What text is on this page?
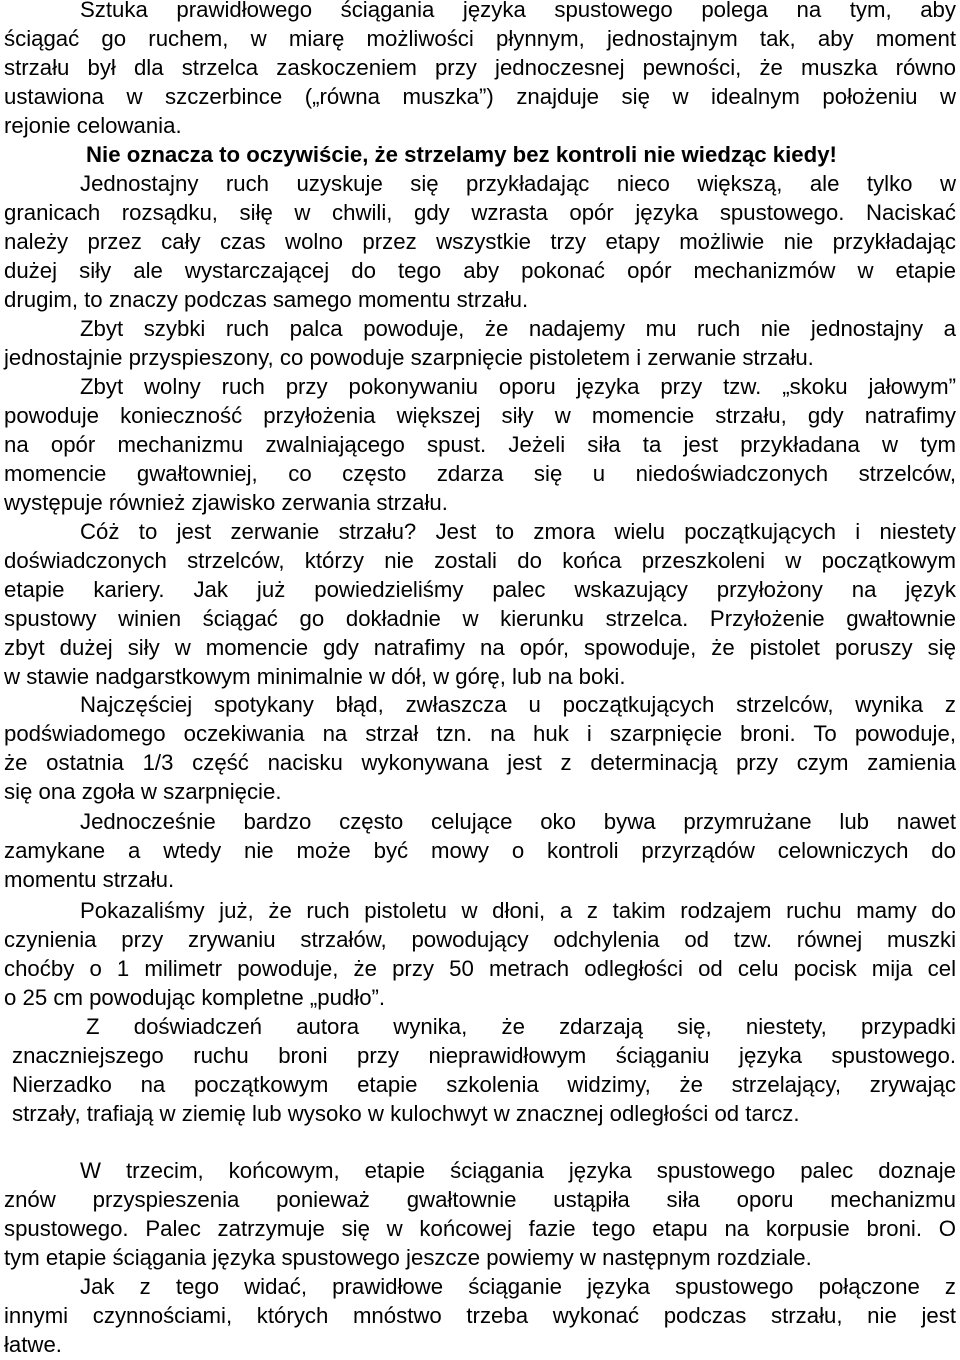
Sztuka prawidłowego ściągania języka spustowego polega na tym, aby
ściągać go ruchem, w miarę możliwości płynnym, jednostajnym tak, aby moment
strzału był dla strzelca zaskoczeniem przy jednoczesnej pewności, że muszka równo
ustawiona w szczerbince („równa muszka”) znajduje się w idealnym położeniu w
rejonie celowania.
Nie oznacza to oczywiście, że strzelamy bez kontroli nie wiedząc kiedy!
Jednostajny ruch uzyskuje się przykładając nieco większą, ale tylko w
granicach rozsądku, siłę w chwili, gdy wzrasta opór języka spustowego. Naciskać
należy przez cały czas wolno przez wszystkie trzy etapy możliwie nie przykładając
dużej siły ale wystarczającej do tego aby pokonać opór mechanizmów w etapie
drugim, to znaczy podczas samego momentu strzału.
Zbyt szybki ruch palca powoduje, że nadajemy mu ruch nie jednostajny a
jednostajnie przyspieszony, co powoduje szarpnięcie pistoletem i zerwanie strzału.
Zbyt wolny ruch przy pokonywaniu oporu języka przy tzw. „skoku jałowym”
powoduje konieczność przyłożenia większej siły w momencie strzału, gdy natrafimy
na opór mechanizmu zwalniającego spust. Jeżeli siła ta jest przykładana w tym
momencie gwałtowniej, co często zdarza się u niedoświadczonych strzelców,
występuje również zjawisko zerwania strzału.
Cóż to jest zerwanie strzału? Jest to zmora wielu początkujących i niestety
doświadczonych strzelców, którzy nie zostali do końca przeszkoleni w początkowym
etapie kariery. Jak już powiedzieliśmy palec wskazujący przyłożony na język
spustowy winien ściągać go dokładnie w kierunku strzelca. Przyłożenie gwałtownie
zbyt dużej siły w momencie gdy natrafimy na opór, spowoduje, że pistolet poruszy się
w stawie nadgarstkowym minimalnie w dół, w górę, lub na boki.
Najczęściej spotykany błąd, zwłaszcza u początkujących strzelców, wynika z
podświadomego oczekiwania na strzał tzn. na huk i szarpnięcie broni. To powoduje,
że ostatnia 1/3 część nacisku wykonywana jest z determinacją przy czym zamienia
się ona zgoła w szarpnięcie.
Jednocześnie bardzo często celujące oko bywa przymrużane lub nawet
zamykane a wtedy nie może być mowy o kontroli przyrządów celowniczych do
momentu strzału.
Pokazaliśmy już, że ruch pistoletu w dłoni, a z takim rodzajem ruchu mamy do
czynienia przy zrywaniu strzałów, powodujący odchylenia od tzw. równej muszki
choćby o 1 milimetr powoduje, że przy 50 metrach odległości od celu pocisk mija cel
o 25 cm powodując kompletne „pudło”.
Z doświadczeń autora wynika, że zdarzają się, niestety, przypadki
znaczniejszego ruchu broni przy nieprawidłowym ściąganiu języka spustowego.
Nierzadko na początkowym etapie szkolenia widzimy, że strzelający, zrywając
strzały, trafiają w ziemię lub wysoko w kulochwyt w znacznej odległości od tarcz.
W trzecim, końcowym, etapie ściągania języka spustowego palec doznaje
znów przyspieszenia ponieważ gwałtownie ustąpiła siła oporu mechanizmu
spustowego. Palec zatrzymuje się w końcowej fazie tego etapu na korpusie broni. O
tym etapie ściągania języka spustowego jeszcze powiemy w następnym rozdziale.
Jak z tego widać, prawidłowe ściąganie języka spustowego połączone z
innymi czynnościami, których mnóstwo trzeba wykonać podczas strzału, nie jest
łatwe.
